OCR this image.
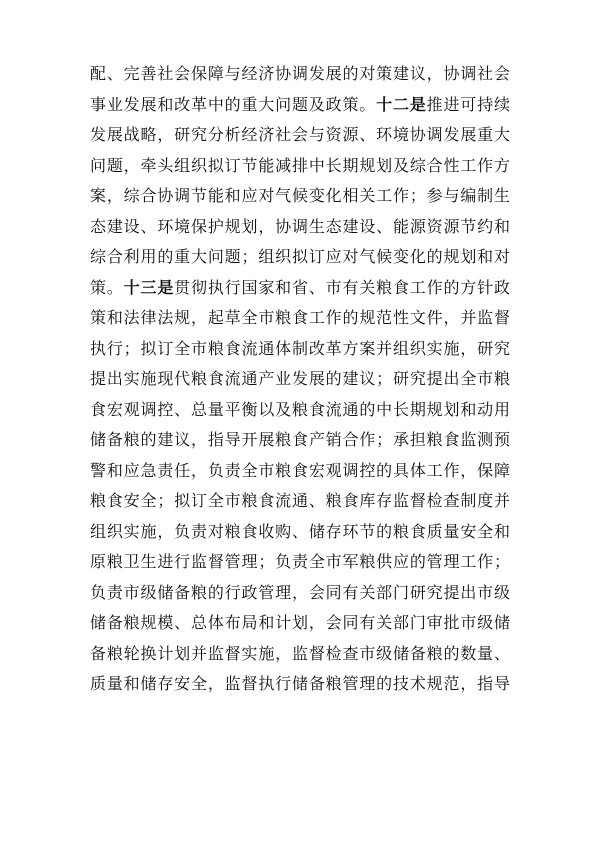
配、完善社会保障与经济协调发展的对策建议，协调社会
事业发展和改革中的重大问题及政策。十二是推进可持续
发展战略，研究分析经济社会与资源、环境协调发展重大
问题，牵头组织拟订节能减排中长期规划及综合性工作方
案，综合协调节能和应对气候变化相关工作；参与编制生
态建设、环境保护规划，协调生态建设、能源资源节约和
综合利用的重大问题；组织拟订应对气候变化的规划和对
策。十三是贯彻执行国家和省、市有关粮食工作的方针政
策和法律法规，起草全市粮食工作的规范性文件，并监督
执行；拟订全市粮食流通体制改革方案并组织实施，研究
提出实施现代粮食流通产业发展的建议；研究提出全市粮
食宏观调控、总量平衡以及粮食流通的中长期规划和动用
储备粮的建议，指导开展粮食产销合作；承担粮食监测预
警和应急责任，负责全市粮食宏观调控的具体工作，保障
粮食安全；拟订全市粮食流通、粮食库存监督检查制度并
组织实施，负责对粮食收购、储存环节的粮食质量安全和
原粮卫生进行监督管理；负责全市军粮供应的管理工作；
负责市级储备粮的行政管理，会同有关部门研究提出市级
储备粮规模、总体布局和计划，会同有关部门审批市级储
备粮轮换计划并监督实施，监督检查市级储备粮的数量、
质量和储存安全，监督执行储备粮管理的技术规范，指导
